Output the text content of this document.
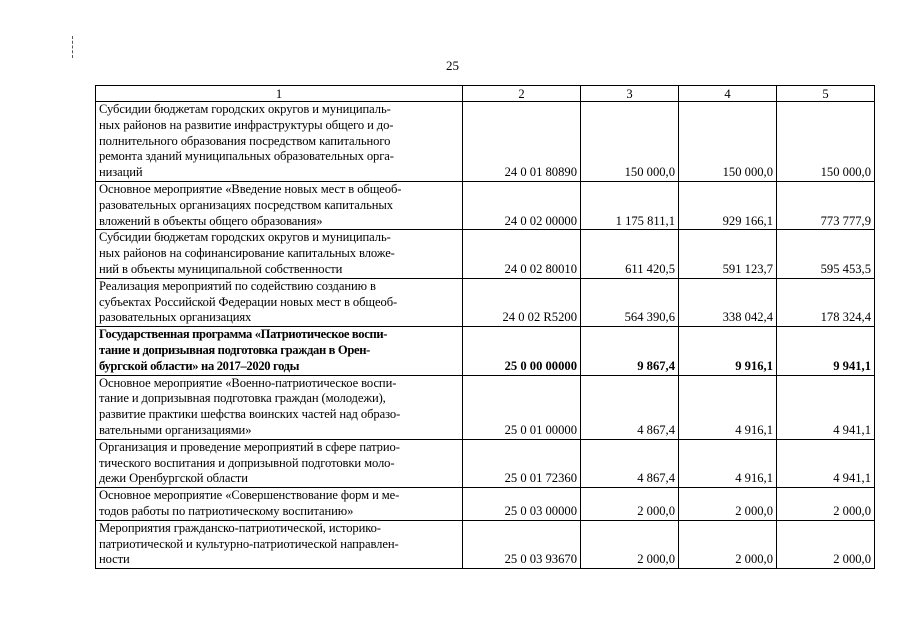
25
1	2	3	4	5

Субсидии бюджетам городских округов и муниципаль-
ных районов на развитие инфраструктуры общего и до-
полнительного образования посредством капитального
ремонта зданий муниципальных образовательных орга-
низаций	24 0 01 80890	150 000,0	150 000,0	150 000,0

Основное мероприятие «Введение новых мест в общеоб-
разовательных организациях посредством капитальных
вложений в объекты общего образования»	24 0 02 00000	1 175 811,1	929 166,1	773 777,9

Субсидии бюджетам городских округов и муниципаль-
ных районов на софинансирование капитальных вложе-
ний в объекты муниципальной собственности	24 0 02 80010	611 420,5	591 123,7	595 453,5

Реализация мероприятий по содействию созданию в
субъектах Российской Федерации новых мест в общеоб-
разовательных организациях	24 0 02 R5200	564 390,6	338 042,4	178 324,4

Государственная программа «Патриотическое воспи-
тание и допризывная подготовка граждан в Орен-
бургской области» на 2017–2020 годы	25 0 00 00000	9 867,4	9 916,1	9 941,1

Основное мероприятие «Военно-патриотическое воспи-
тание и допризывная подготовка граждан (молодежи),
развитие практики шефства воинских частей над образо-
вательными организациями»	25 0 01 00000	4 867,4	4 916,1	4 941,1

Организация и проведение мероприятий в сфере патрио-
тического воспитания и допризывной подготовки моло-
дежи Оренбургской области	25 0 01 72360	4 867,4	4 916,1	4 941,1

Основное мероприятие «Совершенствование форм и ме-
тодов работы по патриотическому воспитанию»	25 0 03 00000	2 000,0	2 000,0	2 000,0

Мероприятия гражданско-патриотической, историко-
патриотической и культурно-патриотической направлен-
ности	25 0 03 93670	2 000,0	2 000,0	2 000,0
